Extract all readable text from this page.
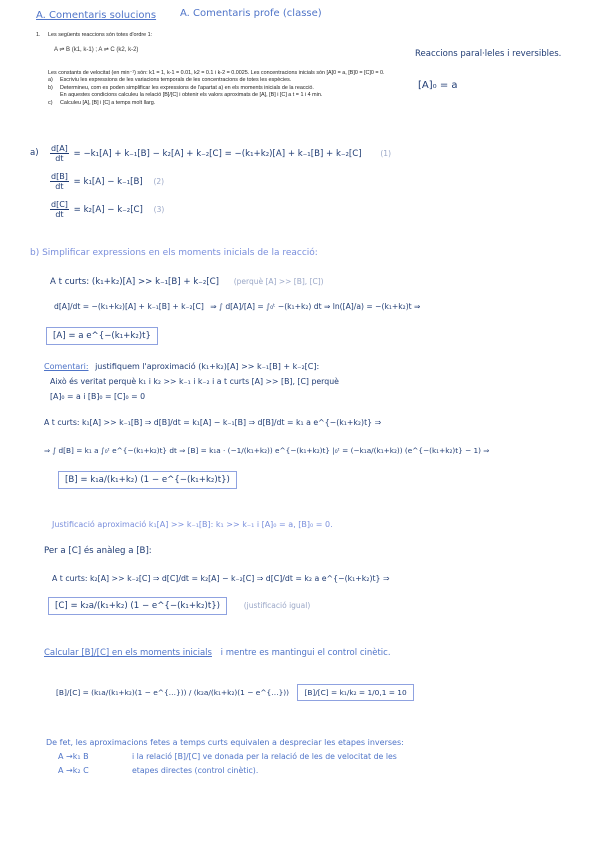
A. Comentaris solucions A. Comentaris profe (classe)
1.	Les següents reaccions són totes d'ordre 1:
Les constants de velocitat (en min⁻¹) són: k1 = 1, k-1 = 0.01, k2 = 0.1 i k-2 = 0.0025. Les concentracions inicials són [A]0 = a, [B]0 = [C]0 = 0.
a)	Escriviu les expressions de les variacions temporals de les concentracions de totes les espècies.
b)	Determineu, com es poden simplificar les expressions de l'apartat a) en els moments inicials de la reacció.
En aquestes condicions calculeu la relació [B]/[C] i obtenir els valors aproximats de [A], [B] i [C] a t = 1 i 4 min.
c)	Calculeu [A], [B] i [C] a temps molt llarg.
A ⇌ B (k1, k-1) ; A ⇌ C (k2, k-2)	Reaccions paral·leles i reversibles.
[A]₀ = a
$a) \frac{d[A]}{dt} = -k_1[A] + k_{-1}[B] - k_2[A] + k_{-2}[C] = -(k_1+k_2)[A] + k_{-1}[B] + k_{-2}[C]$ (1)
$\frac{d[B]}{dt} = k_1[A] - k_{-1}[B]$ (2)
$\frac{d[C]}{dt} = k_2[A] - k_{-2}[C]$ (3)
b) Simplificar expressions en els moments inicials de la reacció:
A t curts: (k₁+k₂)[A] >> k₋₁[B] + k₋₂[C] (perquè [A] >> [B], [C])
d[A]/dt = −(k₁+k₂)[A] + k₋₁[B] + k₋₂[C] ⇒ ∫ d[A]/[A] = ∫₀ᵗ −(k₁+k₂) dt ⇒ ln([A]/a) = −(k₁+k₂)t ⇒
[A] = a e^{−(k₁+k₂)t}
Comentari: justifiquem l'aproximació (k₁+k₂)[A] >> k₋₁[B] + k₋₂[C]:
Això és veritat perquè k₁ i k₂ >> k₋₁ i k₋₂ i a t curts [A] >> [B], [C] perquè
[A]₀ = a i [B]₀ = [C]₀ = 0
A t curts: k₁[A] >> k₋₁[B] ⇒ d[B]/dt = k₁[A] − k₋₁[B] ⇒ d[B]/dt = k₁ a e^{−(k₁+k₂)t} ⇒
⇒ ∫ d[B] = k₁ a ∫₀ᵗ e^{−(k₁+k₂)t} dt ⇒ [B] = k₁a · (−1/(k₁+k₂)) e^{−(k₁+k₂)t} |₀ᵗ = (−k₁a/(k₁+k₂)) (e^{−(k₁+k₂)t} − 1) ⇒
[B] = k₁a/(k₁+k₂) (1 − e^{−(k₁+k₂)t})
Justificació aproximació k₁[A] >> k₋₁[B]: k₁ >> k₋₁ i [A]₀ = a, [B]₀ = 0.
Per a [C] és anàleg a [B]:
A t curts: k₂[A] >> k₋₂[C] ⇒ d[C]/dt = k₂[A] − k₋₂[C] ⇒ d[C]/dt = k₂ a e^{−(k₁+k₂)t} ⇒
[C] = k₂a/(k₁+k₂) (1 − e^{−(k₁+k₂)t})	(justificació igual)
Calcular [B]/[C] en els moments inicials i mentre es mantingui el control cinètic.
[B]/[C] = (k₁a/(k₁+k₂)(1 − e^{…})) / (k₂a/(k₁+k₂)(1 − e^{…})) [B]/[C] = k₁/k₂ = 1/0,1 = 10
De fet, les aproximacions fetes a temps curts equivalen a despreciar les etapes inverses:
A →k₁ B
A →k₂ C
i la relació [B]/[C] ve donada per la relació de les de velocitat de les
etapes directes (control cinètic).
